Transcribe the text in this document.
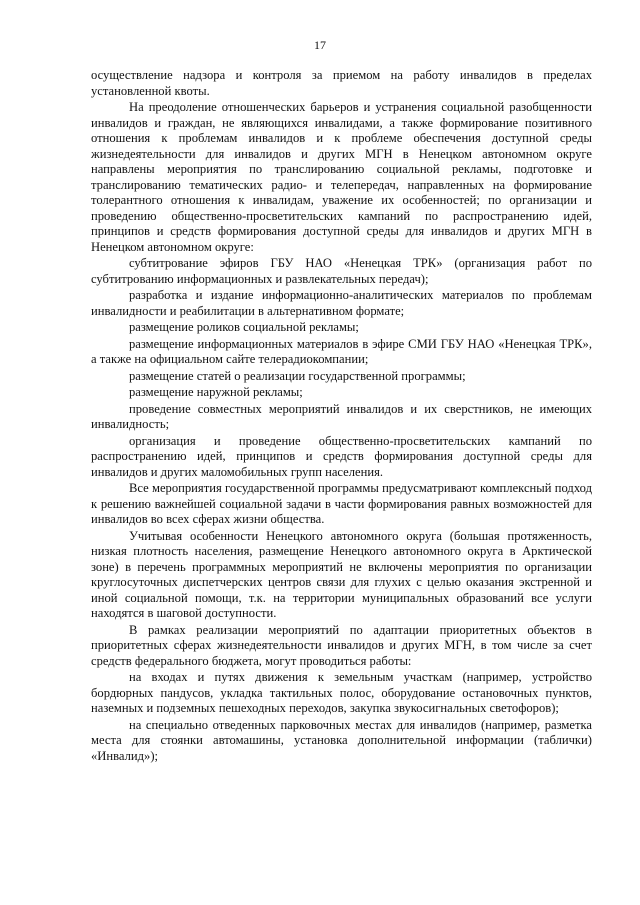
17

осуществление надзора и контроля за приемом на работу инвалидов в пределах установленной квоты.

На преодоление отношенческих барьеров и устранения социальной разобщенности инвалидов и граждан, не являющихся инвалидами, а также формирование позитивного отношения к проблемам инвалидов и к проблеме обеспечения доступной среды жизнедеятельности для инвалидов и других МГН в Ненецком автономном округе направлены мероприятия по транслированию социальной рекламы, подготовке и транслированию тематических радио- и телепередач, направленных на формирование толерантного отношения к инвалидам, уважение их особенностей; по организации и проведению общественно-просветительских кампаний по распространению идей, принципов и средств формирования доступной среды для инвалидов и других МГН в Ненецком автономном округе:

субтитрование эфиров ГБУ НАО «Ненецкая ТРК» (организация работ по субтитрованию информационных и развлекательных передач);

разработка и издание информационно-аналитических материалов по проблемам инвалидности и реабилитации в альтернативном формате;

размещение роликов социальной рекламы;

размещение информационных материалов в эфире СМИ ГБУ НАО «Ненецкая ТРК», а также на официальном сайте телерадиокомпании;

размещение статей о реализации государственной программы;

размещение наружной рекламы;

проведение совместных мероприятий инвалидов и их сверстников, не имеющих инвалидность;

организация и проведение общественно-просветительских кампаний по распространению идей, принципов и средств формирования доступной среды для инвалидов и других маломобильных групп населения.

Все мероприятия государственной программы предусматривают комплексный подход к решению важнейшей социальной задачи в части формирования равных возможностей для инвалидов во всех сферах жизни общества.

Учитывая особенности Ненецкого автономного округа (большая протяженность, низкая плотность населения, размещение Ненецкого автономного округа в Арктической зоне) в перечень программных мероприятий не включены мероприятия по организации круглосуточных диспетчерских центров связи для глухих с целью оказания экстренной и иной социальной помощи, т.к. на территории муниципальных образований все услуги находятся в шаговой доступности.

В рамках реализации мероприятий по адаптации приоритетных объектов в приоритетных сферах жизнедеятельности инвалидов и других МГН, в том числе за счет средств федерального бюджета, могут проводиться работы:

на входах и путях движения к земельным участкам (например, устройство бордюрных пандусов, укладка тактильных полос, оборудование остановочных пунктов, наземных и подземных пешеходных переходов, закупка звукосигнальных светофоров);

на специально отведенных парковочных местах для инвалидов (например, разметка места для стоянки автомашины, установка дополнительной информации (таблички) «Инвалид»);
